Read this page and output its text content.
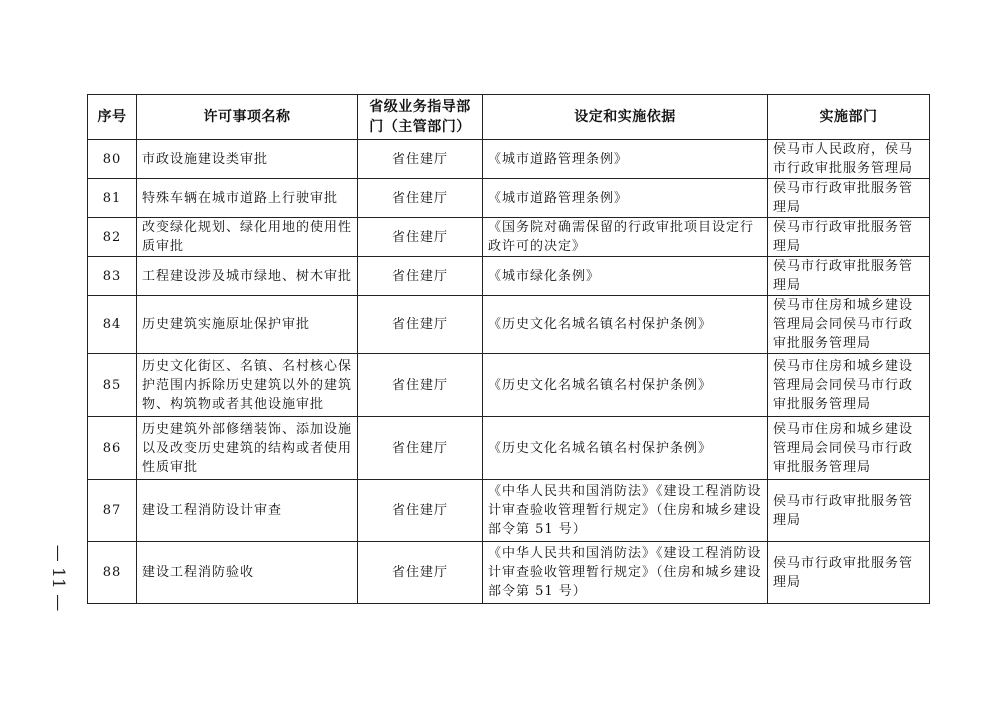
序号	许可事项名称	省级业务指导部门（主管部门）	设定和实施依据	实施部门
80	市政设施建设类审批	省住建厅	《城市道路管理条例》	侯马市人民政府，侯马市行政审批服务管理局
81	特殊车辆在城市道路上行驶审批	省住建厅	《城市道路管理条例》	侯马市行政审批服务管理局
82	改变绿化规划、绿化用地的使用性质审批	省住建厅	《国务院对确需保留的行政审批项目设定行政许可的决定》	侯马市行政审批服务管理局
83	工程建设涉及城市绿地、树木审批	省住建厅	《城市绿化条例》	侯马市行政审批服务管理局
84	历史建筑实施原址保护审批	省住建厅	《历史文化名城名镇名村保护条例》	侯马市住房和城乡建设管理局会同侯马市行政审批服务管理局
85	历史文化街区、名镇、名村核心保护范围内拆除历史建筑以外的建筑物、构筑物或者其他设施审批	省住建厅	《历史文化名城名镇名村保护条例》	侯马市住房和城乡建设管理局会同侯马市行政审批服务管理局
86	历史建筑外部修缮装饰、添加设施以及改变历史建筑的结构或者使用性质审批	省住建厅	《历史文化名城名镇名村保护条例》	侯马市住房和城乡建设管理局会同侯马市行政审批服务管理局
87	建设工程消防设计审查	省住建厅	《中华人民共和国消防法》《建设工程消防设计审查验收管理暂行规定》（住房和城乡建设部令第 51 号）	侯马市行政审批服务管理局
88	建设工程消防验收	省住建厅	《中华人民共和国消防法》《建设工程消防设计审查验收管理暂行规定》（住房和城乡建设部令第 51 号）	侯马市行政审批服务管理局
— 11 —
